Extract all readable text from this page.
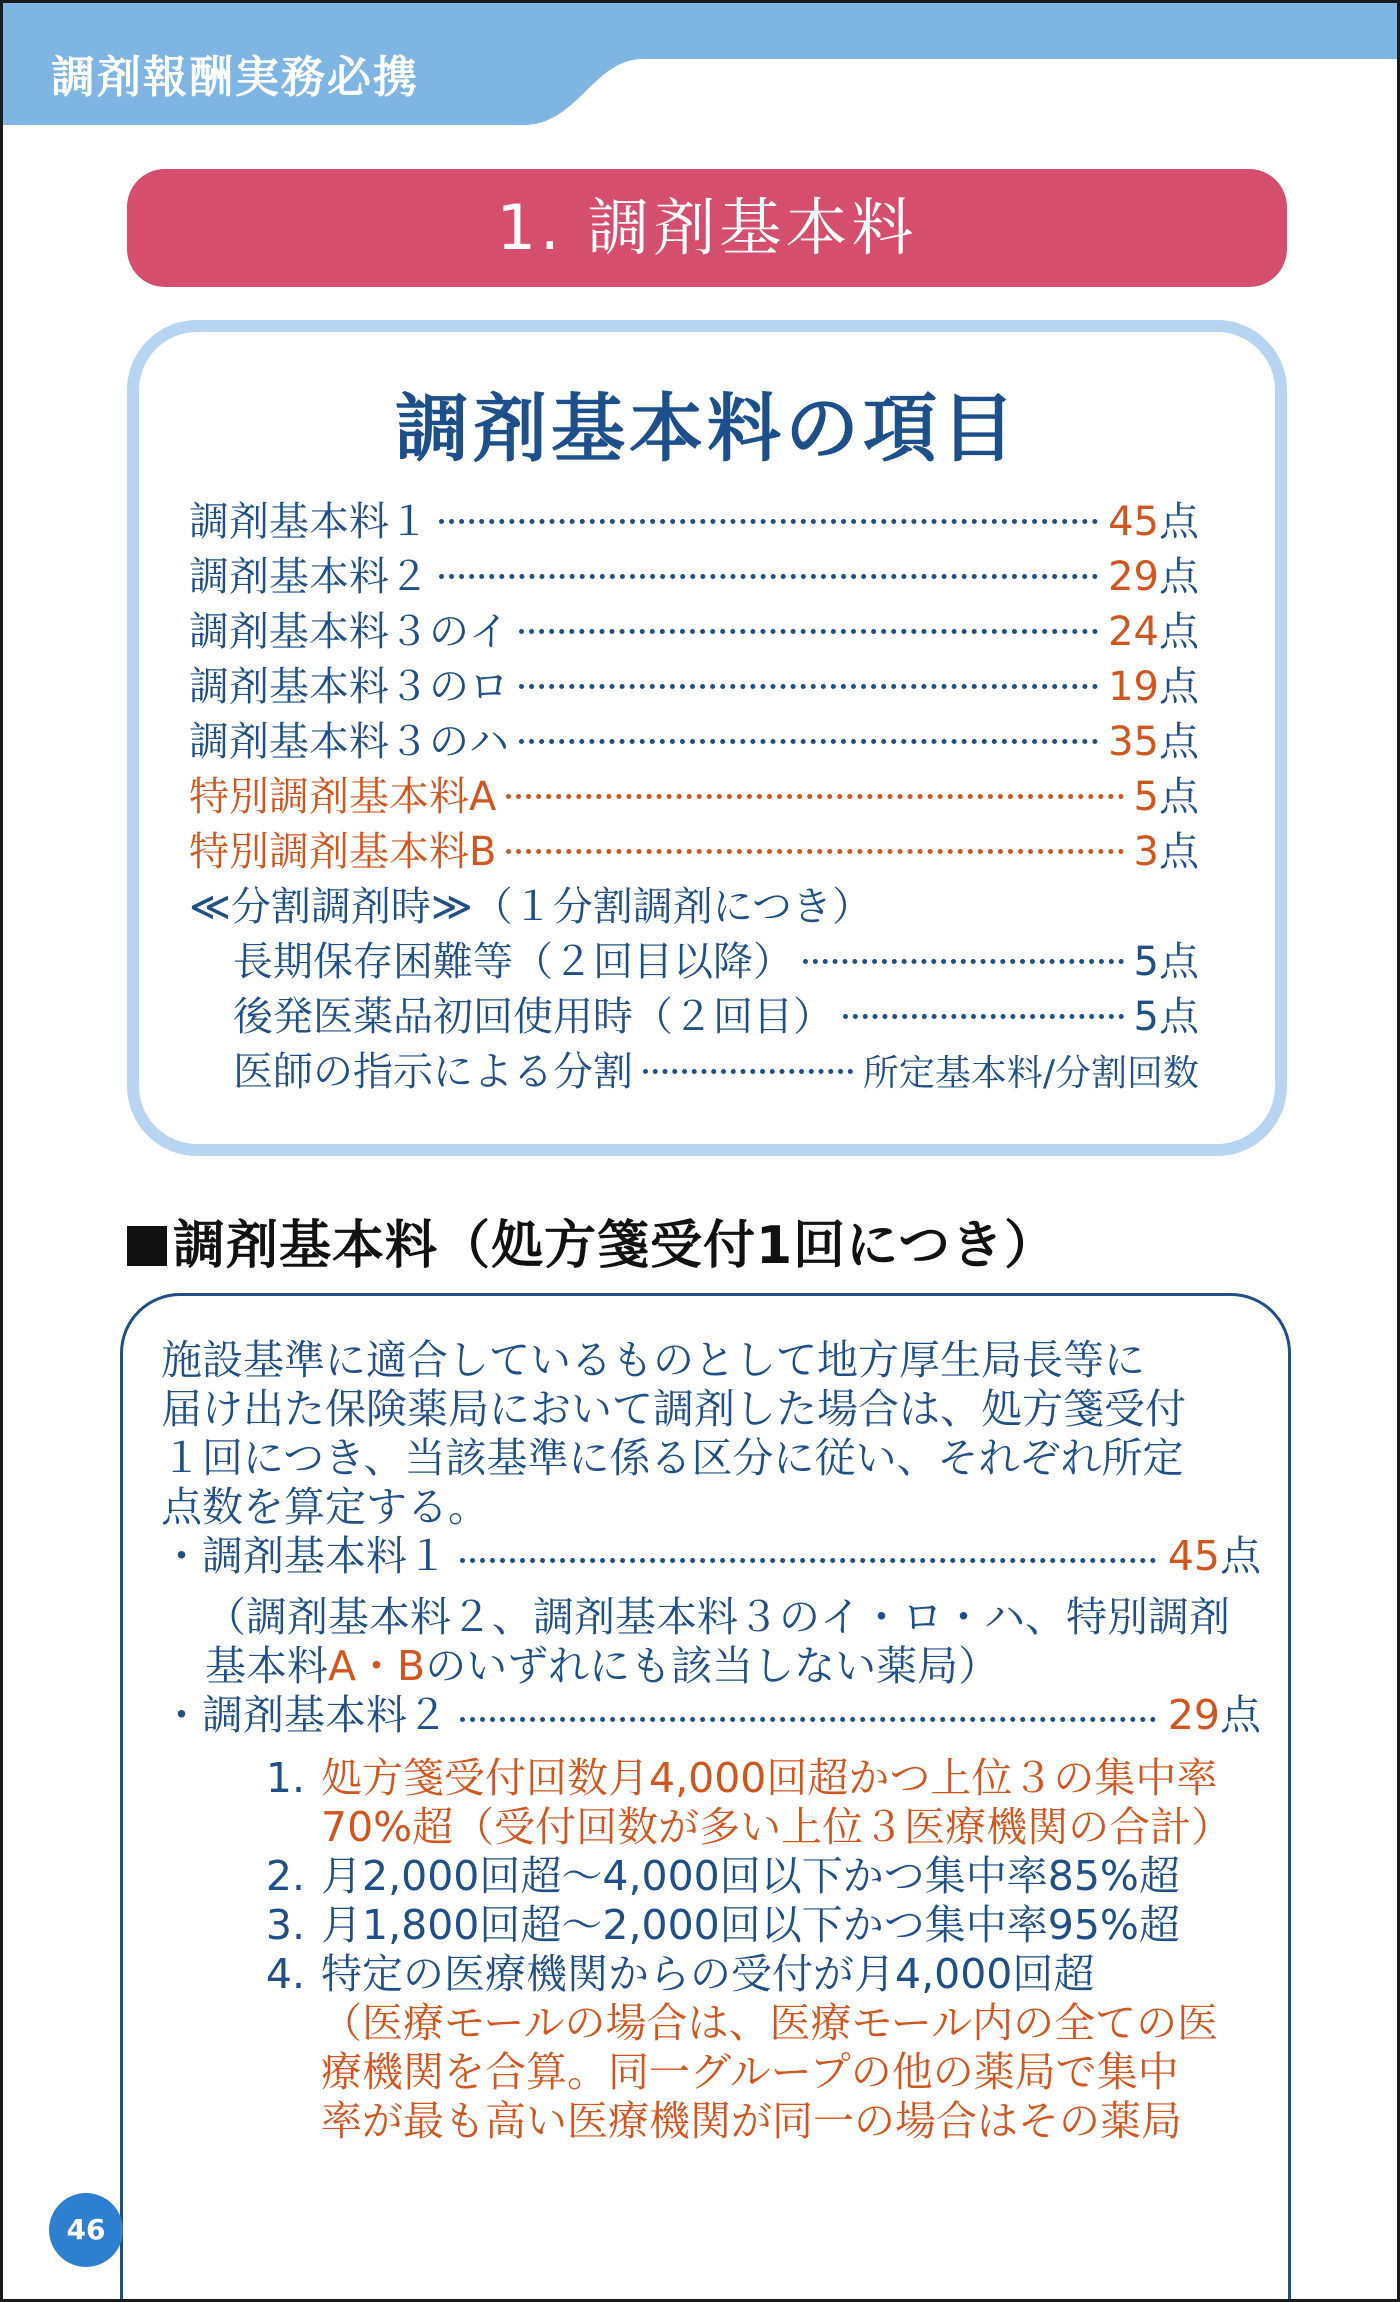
調剤報酬実務必携
1. 調剤基本料
調剤基本料の項目
調剤基本料１	45点
調剤基本料２	29点
調剤基本料３のイ	24点
調剤基本料３のロ	19点
調剤基本料３のハ	35点
特別調剤基本料A	5点
特別調剤基本料B	3点
≪分割調剤時≫（１分割調剤につき）
長期保存困難等（２回目以降）	5点
後発医薬品初回使用時（２回目）	5点
医師の指示による分割	所定基本料/分割回数
調剤基本料（処方箋受付1回につき）

施設基準に適合しているものとして地方厚生局長等に

届け出た保険薬局において調剤した場合は、処方箋受付

１回につき、当該基準に係る区分に従い、それぞれ所定

点数を算定する。

・調剤基本料１	45点

（調剤基本料２、調剤基本料３のイ・ロ・ハ、特別調剤

基本料A・Bのいずれにも該当しない薬局）

・調剤基本料２	29点
1. 処方箋受付回数月4,000回超かつ上位３の集中率
70%超（受付回数が多い上位３医療機関の合計）
2. 月2,000回超～4,000回以下かつ集中率85%超
3. 月1,800回超～2,000回以下かつ集中率95%超
4. 特定の医療機関からの受付が月4,000回超

（医療モールの場合は、医療モール内の全ての医

療機関を合算。同一グループの他の薬局で集中

率が最も高い医療機関が同一の場合はその薬局

46
